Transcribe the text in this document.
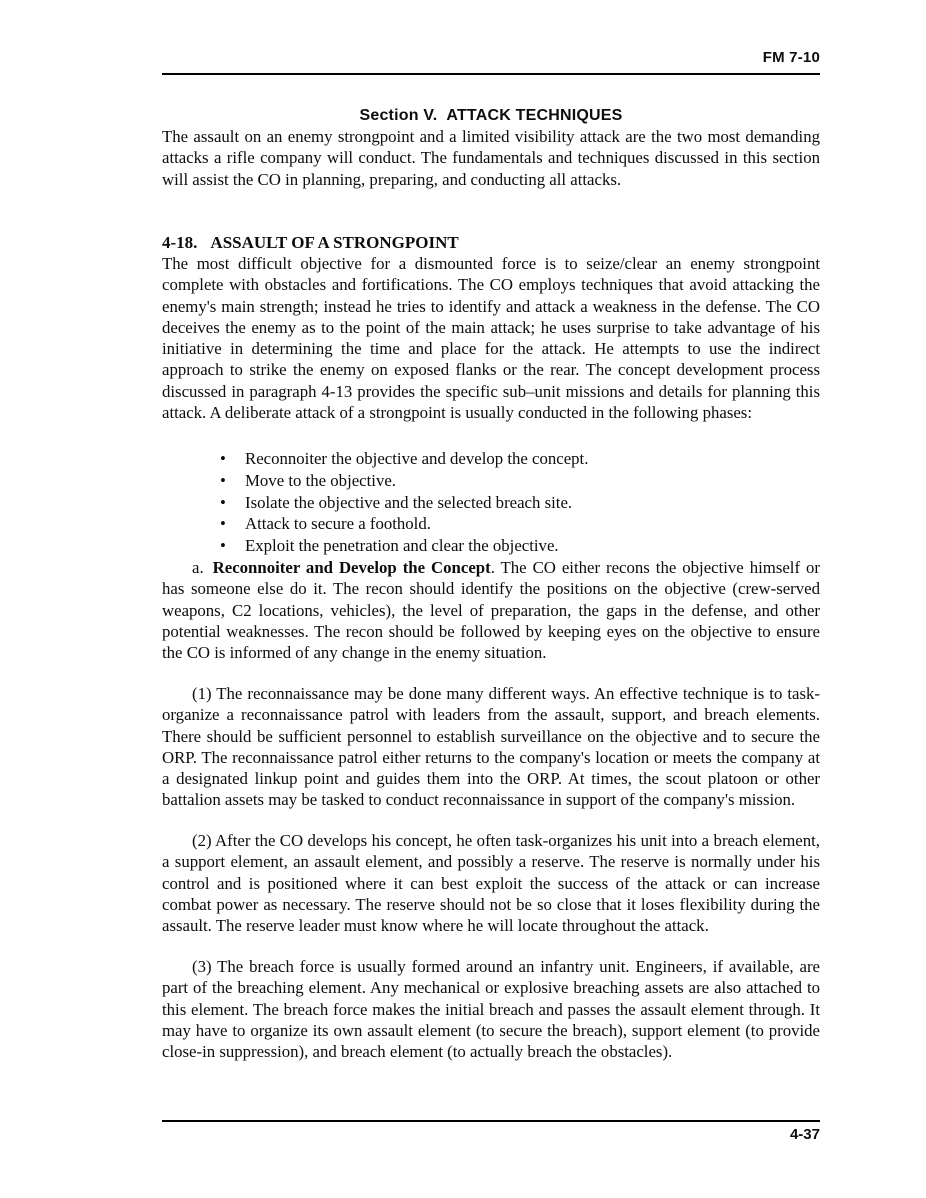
FM 7-10
Section V. ATTACK TECHNIQUES
The assault on an enemy strongpoint and a limited visibility attack are the two most demanding attacks a rifle company will conduct. The fundamentals and techniques discussed in this section will assist the CO in planning, preparing, and conducting all attacks.
4-18. ASSAULT OF A STRONGPOINT
The most difficult objective for a dismounted force is to seize/clear an enemy strongpoint complete with obstacles and fortifications. The CO employs techniques that avoid attacking the enemy's main strength; instead he tries to identify and attack a weakness in the defense. The CO deceives the enemy as to the point of the main attack; he uses surprise to take advantage of his initiative in determining the time and place for the attack. He attempts to use the indirect approach to strike the enemy on exposed flanks or the rear. The concept development process discussed in paragraph 4-13 provides the specific sub–unit missions and details for planning this attack. A deliberate attack of a strongpoint is usually conducted in the following phases:
• Reconnoiter the objective and develop the concept.
• Move to the objective.
• Isolate the objective and the selected breach site.
• Attack to secure a foothold.
• Exploit the penetration and clear the objective.
a. Reconnoiter and Develop the Concept. The CO either recons the objective himself or has someone else do it. The recon should identify the positions on the objective (crew-served weapons, C2 locations, vehicles), the level of preparation, the gaps in the defense, and other potential weaknesses. The recon should be followed by keeping eyes on the objective to ensure the CO is informed of any change in the enemy situation.
(1) The reconnaissance may be done many different ways. An effective technique is to task-organize a reconnaissance patrol with leaders from the assault, support, and breach elements. There should be sufficient personnel to establish surveillance on the objective and to secure the ORP. The reconnaissance patrol either returns to the company's location or meets the company at a designated linkup point and guides them into the ORP. At times, the scout platoon or other battalion assets may be tasked to conduct reconnaissance in support of the company's mission.
(2) After the CO develops his concept, he often task-organizes his unit into a breach element, a support element, an assault element, and possibly a reserve. The reserve is normally under his control and is positioned where it can best exploit the success of the attack or can increase combat power as necessary. The reserve should not be so close that it loses flexibility during the assault. The reserve leader must know where he will locate throughout the attack.
(3) The breach force is usually formed around an infantry unit. Engineers, if available, are part of the breaching element. Any mechanical or explosive breaching assets are also attached to this element. The breach force makes the initial breach and passes the assault element through. It may have to organize its own assault element (to secure the breach), support element (to provide close-in suppression), and breach element (to actually breach the obstacles).
4-37
